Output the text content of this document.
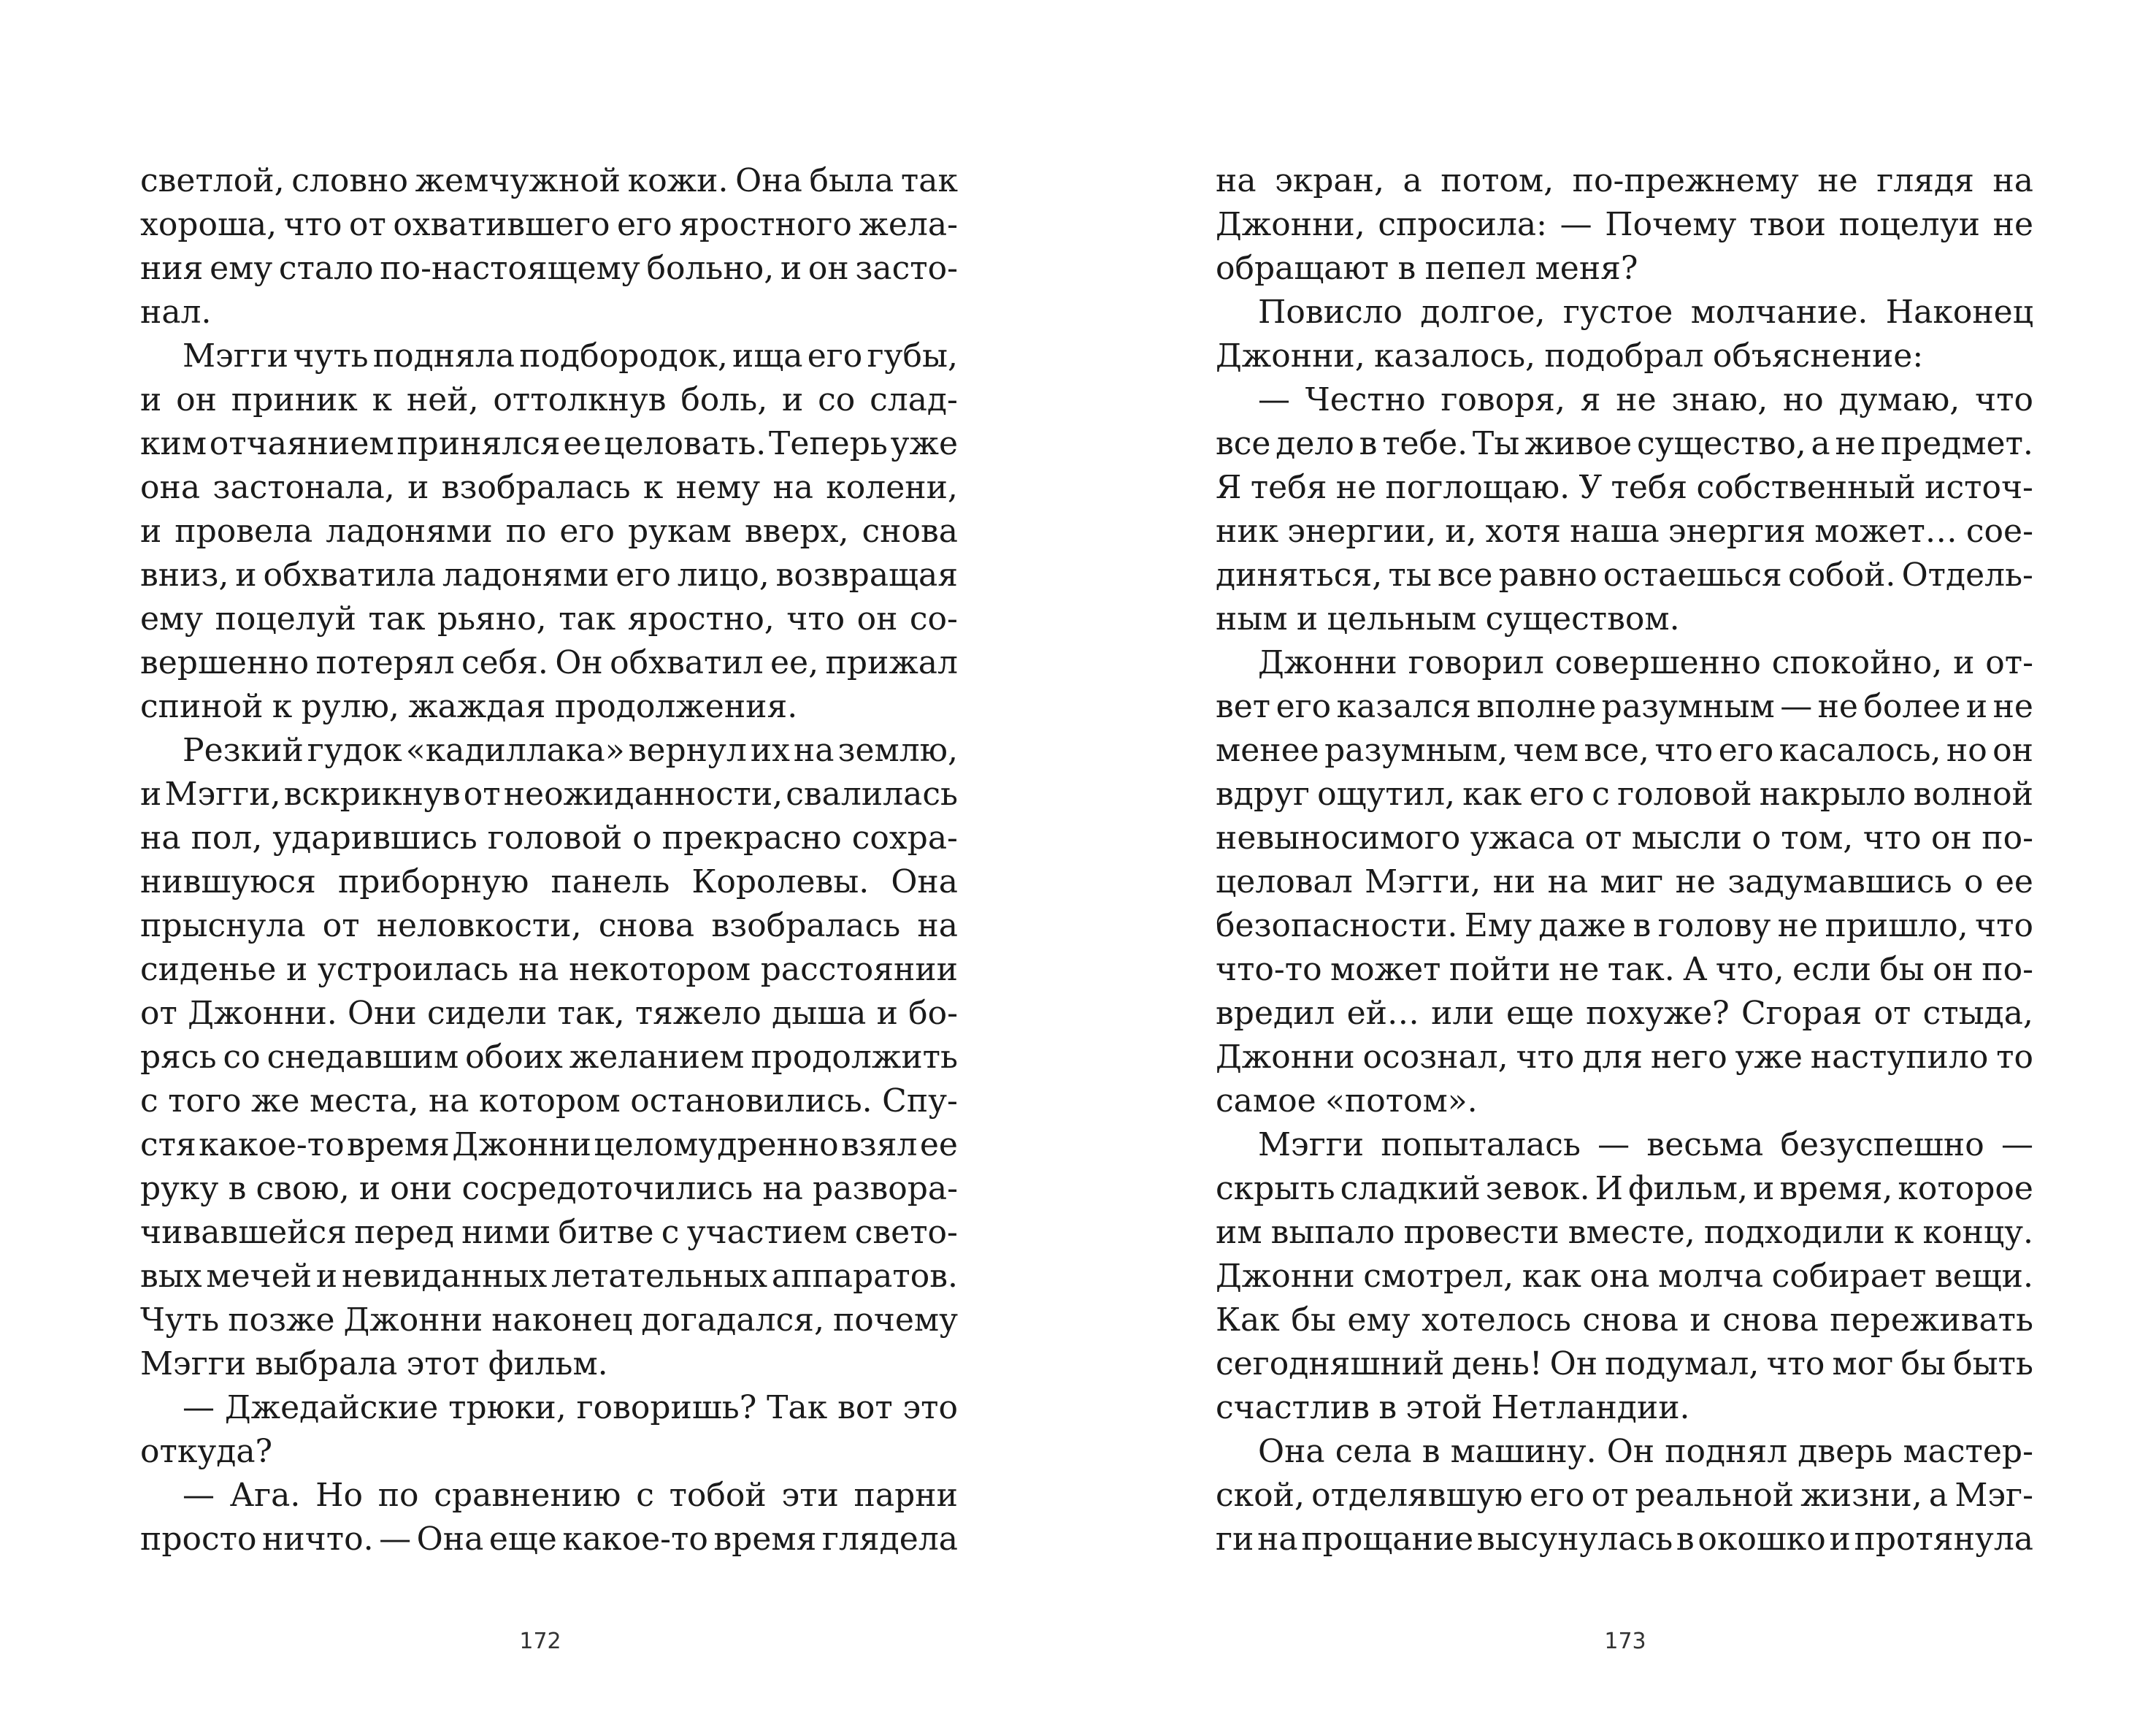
светлой, словно жемчужной кожи. Она была так
хороша, что от охватившего его яростного жела-
ния ему стало по-настоящему больно, и он засто-
нал.
Мэгги чуть подняла подбородок, ища его губы,
и он приник к ней, оттолкнув боль, и со слад-
ким отчаянием принялся ее целовать. Теперь уже
она застонала, и взобралась к нему на колени,
и провела ладонями по его рукам вверх, снова
вниз, и обхватила ладонями его лицо, возвращая
ему поцелуй так рьяно, так яростно, что он со-
вершенно потерял себя. Он обхватил ее, прижал
спиной к рулю, жаждая продолжения.
Резкий гудок «кадиллака» вернул их на землю,
и Мэгги, вскрикнув от неожиданности, свалилась
на пол, ударившись головой о прекрасно сохра-
нившуюся приборную панель Королевы. Она
прыснула от неловкости, снова взобралась на
сиденье и устроилась на некотором расстоянии
от Джонни. Они сидели так, тяжело дыша и бо-
рясь со снедавшим обоих желанием продолжить
с того же места, на котором остановились. Спу-
стя какое-то время Джонни целомудренно взял ее
руку в свою, и они сосредоточились на развора-
чивавшейся перед ними битве с участием свето-
вых мечей и невиданных летательных аппаратов.
Чуть позже Джонни наконец догадался, почему
Мэгги выбрала этот фильм.
— Джедайские трюки, говоришь? Так вот это
откуда?
— Ага. Но по сравнению с тобой эти парни
просто ничто. — Она еще какое-то время глядела
172
на экран, а потом, по-прежнему не глядя на
Джонни, спросила: — Почему твои поцелуи не
обращают в пепел меня?
Повисло долгое, густое молчание. Наконец
Джонни, казалось, подобрал объяснение:
— Честно говоря, я не знаю, но думаю, что
все дело в тебе. Ты живое существо, а не предмет.
Я тебя не поглощаю. У тебя собственный источ-
ник энергии, и, хотя наша энергия может… сое-
диняться, ты все равно остаешься собой. Отдель-
ным и цельным существом.
Джонни говорил совершенно спокойно, и от-
вет его казался вполне разумным — не более и не
менее разумным, чем все, что его касалось, но он
вдруг ощутил, как его с головой накрыло волной
невыносимого ужаса от мысли о том, что он по-
целовал Мэгги, ни на миг не задумавшись о ее
безопасности. Ему даже в голову не пришло, что
что-то может пойти не так. А что, если бы он по-
вредил ей… или еще похуже? Сгорая от стыда,
Джонни осознал, что для него уже наступило то
самое «потом».
Мэгги попыталась — весьма безуспешно —
скрыть сладкий зевок. И фильм, и время, которое
им выпало провести вместе, подходили к концу.
Джонни смотрел, как она молча собирает вещи.
Как бы ему хотелось снова и снова переживать
сегодняшний день! Он подумал, что мог бы быть
счастлив в этой Нетландии.
Она села в машину. Он поднял дверь мастер-
ской, отделявшую его от реальной жизни, а Мэг-
ги на прощание высунулась в окошко и протянула
173
